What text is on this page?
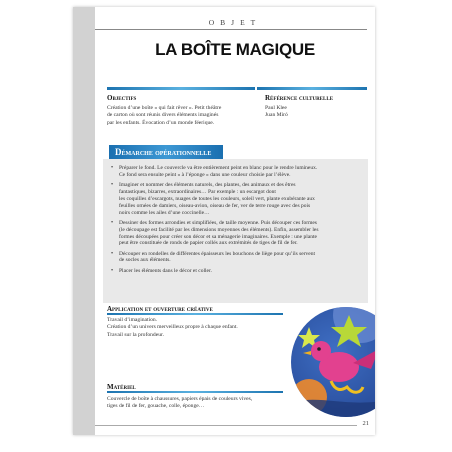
OBJET
LA BOÎTE MAGIQUE
Objectifs
Création d’une boîte « qui fait rêver ». Petit théâtre
de carton où sont réunis divers éléments imaginés
par les enfants. Évocation d’un monde féerique.
Référence culturelle
Paul Klee
Juan Miró
Démarche opérationnelle
• Préparer le fond. Le couvercle va être entièrement peint en blanc pour le rendre lumineux.
Ce fond sera ensuite peint « à l’éponge » dans une couleur choisie par l’élève.
• Imaginer et nommer des éléments naturels, des plantes, des animaux et des êtres
fantastiques, bizarres, extraordinaires… Par exemple : un escargot dont
les coquilles d’escargots, nuages de toutes les couleurs, soleil vert, plante exubérante aux
feuilles ornées de damiers, oiseau-avion, oiseau de fer, ver de terre rouge avec des pois
noirs comme les ailes d’une coccinelle…
• Dessiner des formes arrondies et simplifiées, de taille moyenne. Puis découper ces formes
(le découpage est facilité par les dimensions moyennes des éléments). Enfin, assembler les
formes découpées pour créer son décor et sa ménagerie imaginaires. Exemple : une plante
peut être constituée de ronds de papier collés aux extrémités de tiges de fil de fer.
• Découper en rondelles de différentes épaisseurs les bouchons de liège pour qu’ils servent
de socles aux éléments.
• Placer les éléments dans le décor et coller.
Application et ouverture créative
Travail d’imagination.
Création d’un univers merveilleux propre à chaque enfant.
Travail sur la profondeur.
Matériel
Couvercle de boîte à chaussures, papiers épais de couleurs vives,
tiges de fil de fer, gouache, colle, éponge…
21
